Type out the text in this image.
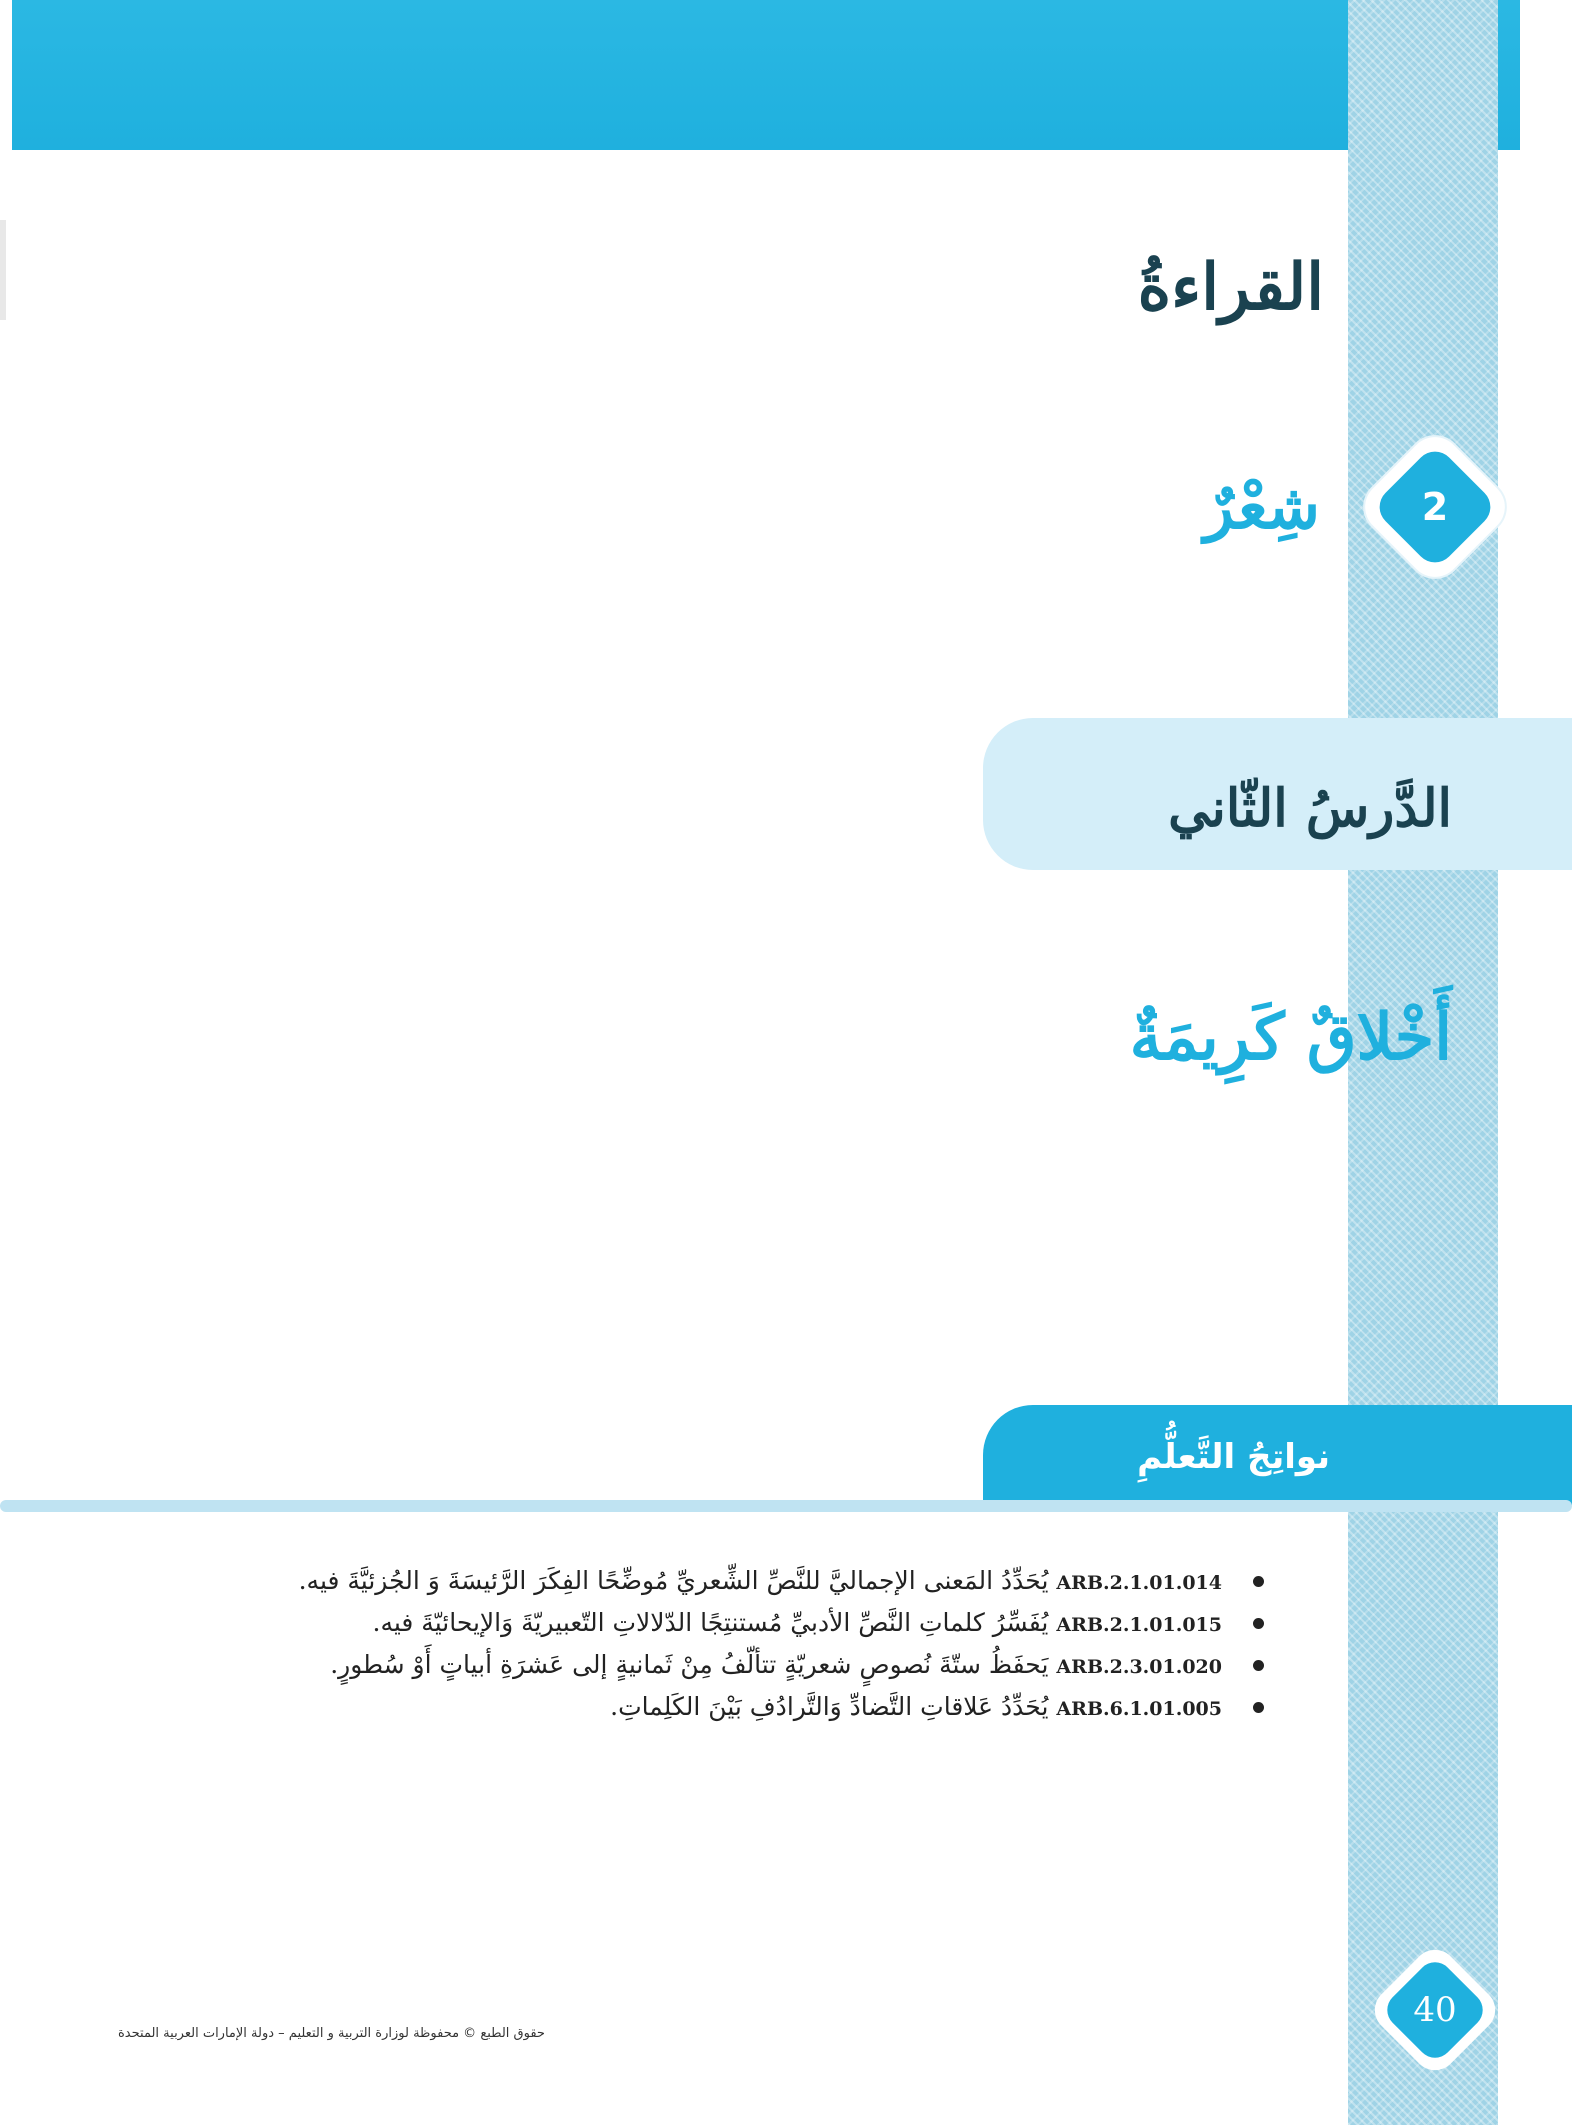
القراءةُ
2
شِعْرٌ
الدَّرسُ الثّاني
أَخْلاقٌ كَرِيمَةٌ
نواتِجُ التَّعلُّمِ
ARB.2.1.01.014يُحَدِّدُ المَعنى الإجماليَّ للنَّصِّ الشِّعريِّ مُوضِّحًا الفِكَرَ الرَّئيسَةَ وَ الجُزئيَّةَ فيه.
ARB.2.1.01.015يُفَسِّرُ كلماتِ النَّصِّ الأدبيِّ مُستنتِجًا الدّلالاتِ التّعبيريّةَ وَالإيحائيّةَ فيه.
ARB.2.3.01.020يَحفَظُ ستّةَ نُصوصٍ شعريّةٍ تتألّفُ مِنْ ثَمانيةٍ إلى عَشرَةِ أبياتٍ أَوْ سُطورٍ.
ARB.6.1.01.005يُحَدِّدُ عَلاقاتِ التَّضادِّ وَالتَّرادُفِ بَيْنَ الكَلِماتِ.
40

حقوق الطبع © محفوظة لوزارة التربية و التعليم – دولة الإمارات العربية المتحدة
